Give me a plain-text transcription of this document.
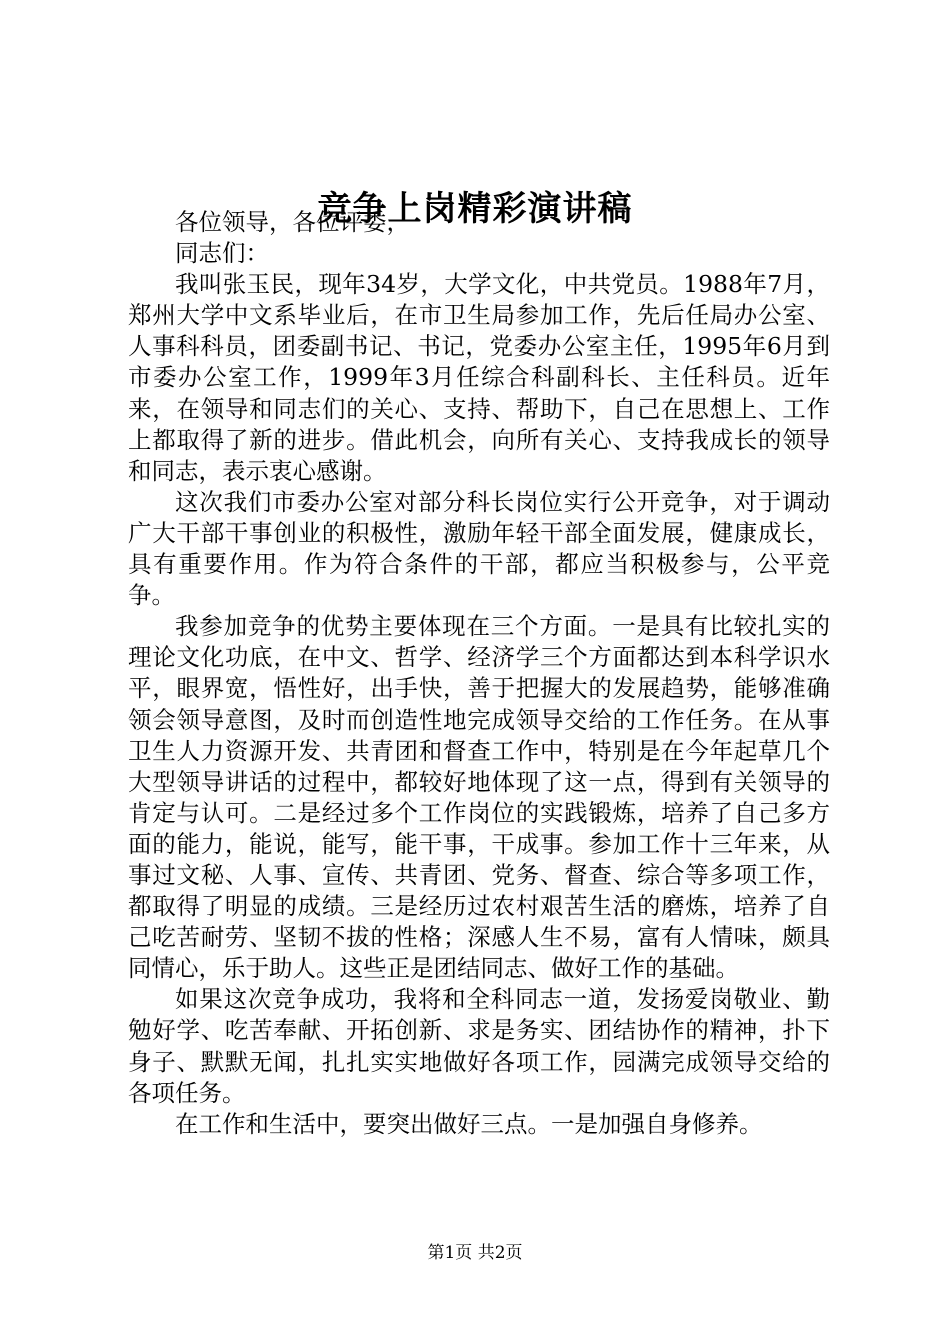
竞争上岗精彩演讲稿

各位领导，各位评委，

同志们：

我叫张玉民，现年34岁，大学文化，中共党员。1988年7月，郑州大学中文系毕业后，在市卫生局参加工作，先后任局办公室、人事科科员，团委副书记、书记，党委办公室主任，1995年6月到市委办公室工作，1999年3月任综合科副科长、主任科员。近年来，在领导和同志们的关心、支持、帮助下，自己在思想上、工作上都取得了新的进步。借此机会，向所有关心、支持我成长的领导和同志，表示衷心感谢。

这次我们市委办公室对部分科长岗位实行公开竞争，对于调动广大干部干事创业的积极性，激励年轻干部全面发展，健康成长，具有重要作用。作为符合条件的干部，都应当积极参与，公平竞争。

我参加竞争的优势主要体现在三个方面。一是具有比较扎实的理论文化功底，在中文、哲学、经济学三个方面都达到本科学识水平，眼界宽，悟性好，出手快，善于把握大的发展趋势，能够准确领会领导意图，及时而创造性地完成领导交给的工作任务。在从事卫生人力资源开发、共青团和督查工作中，特别是在今年起草几个大型领导讲话的过程中，都较好地体现了这一点，得到有关领导的肯定与认可。二是经过多个工作岗位的实践锻炼，培养了自己多方面的能力，能说，能写，能干事，干成事。参加工作十三年来，从事过文秘、人事、宣传、共青团、党务、督查、综合等多项工作，都取得了明显的成绩。三是经历过农村艰苦生活的磨炼，培养了自己吃苦耐劳、坚韧不拔的性格；深感人生不易，富有人情味，颇具同情心，乐于助人。这些正是团结同志、做好工作的基础。

如果这次竞争成功，我将和全科同志一道，发扬爱岗敬业、勤勉好学、吃苦奉献、开拓创新、求是务实、团结协作的精神，扑下身子、默默无闻，扎扎实实地做好各项工作，园满完成领导交给的各项任务。

在工作和生活中，要突出做好三点。一是加强自身修养。

第1页 共2页
